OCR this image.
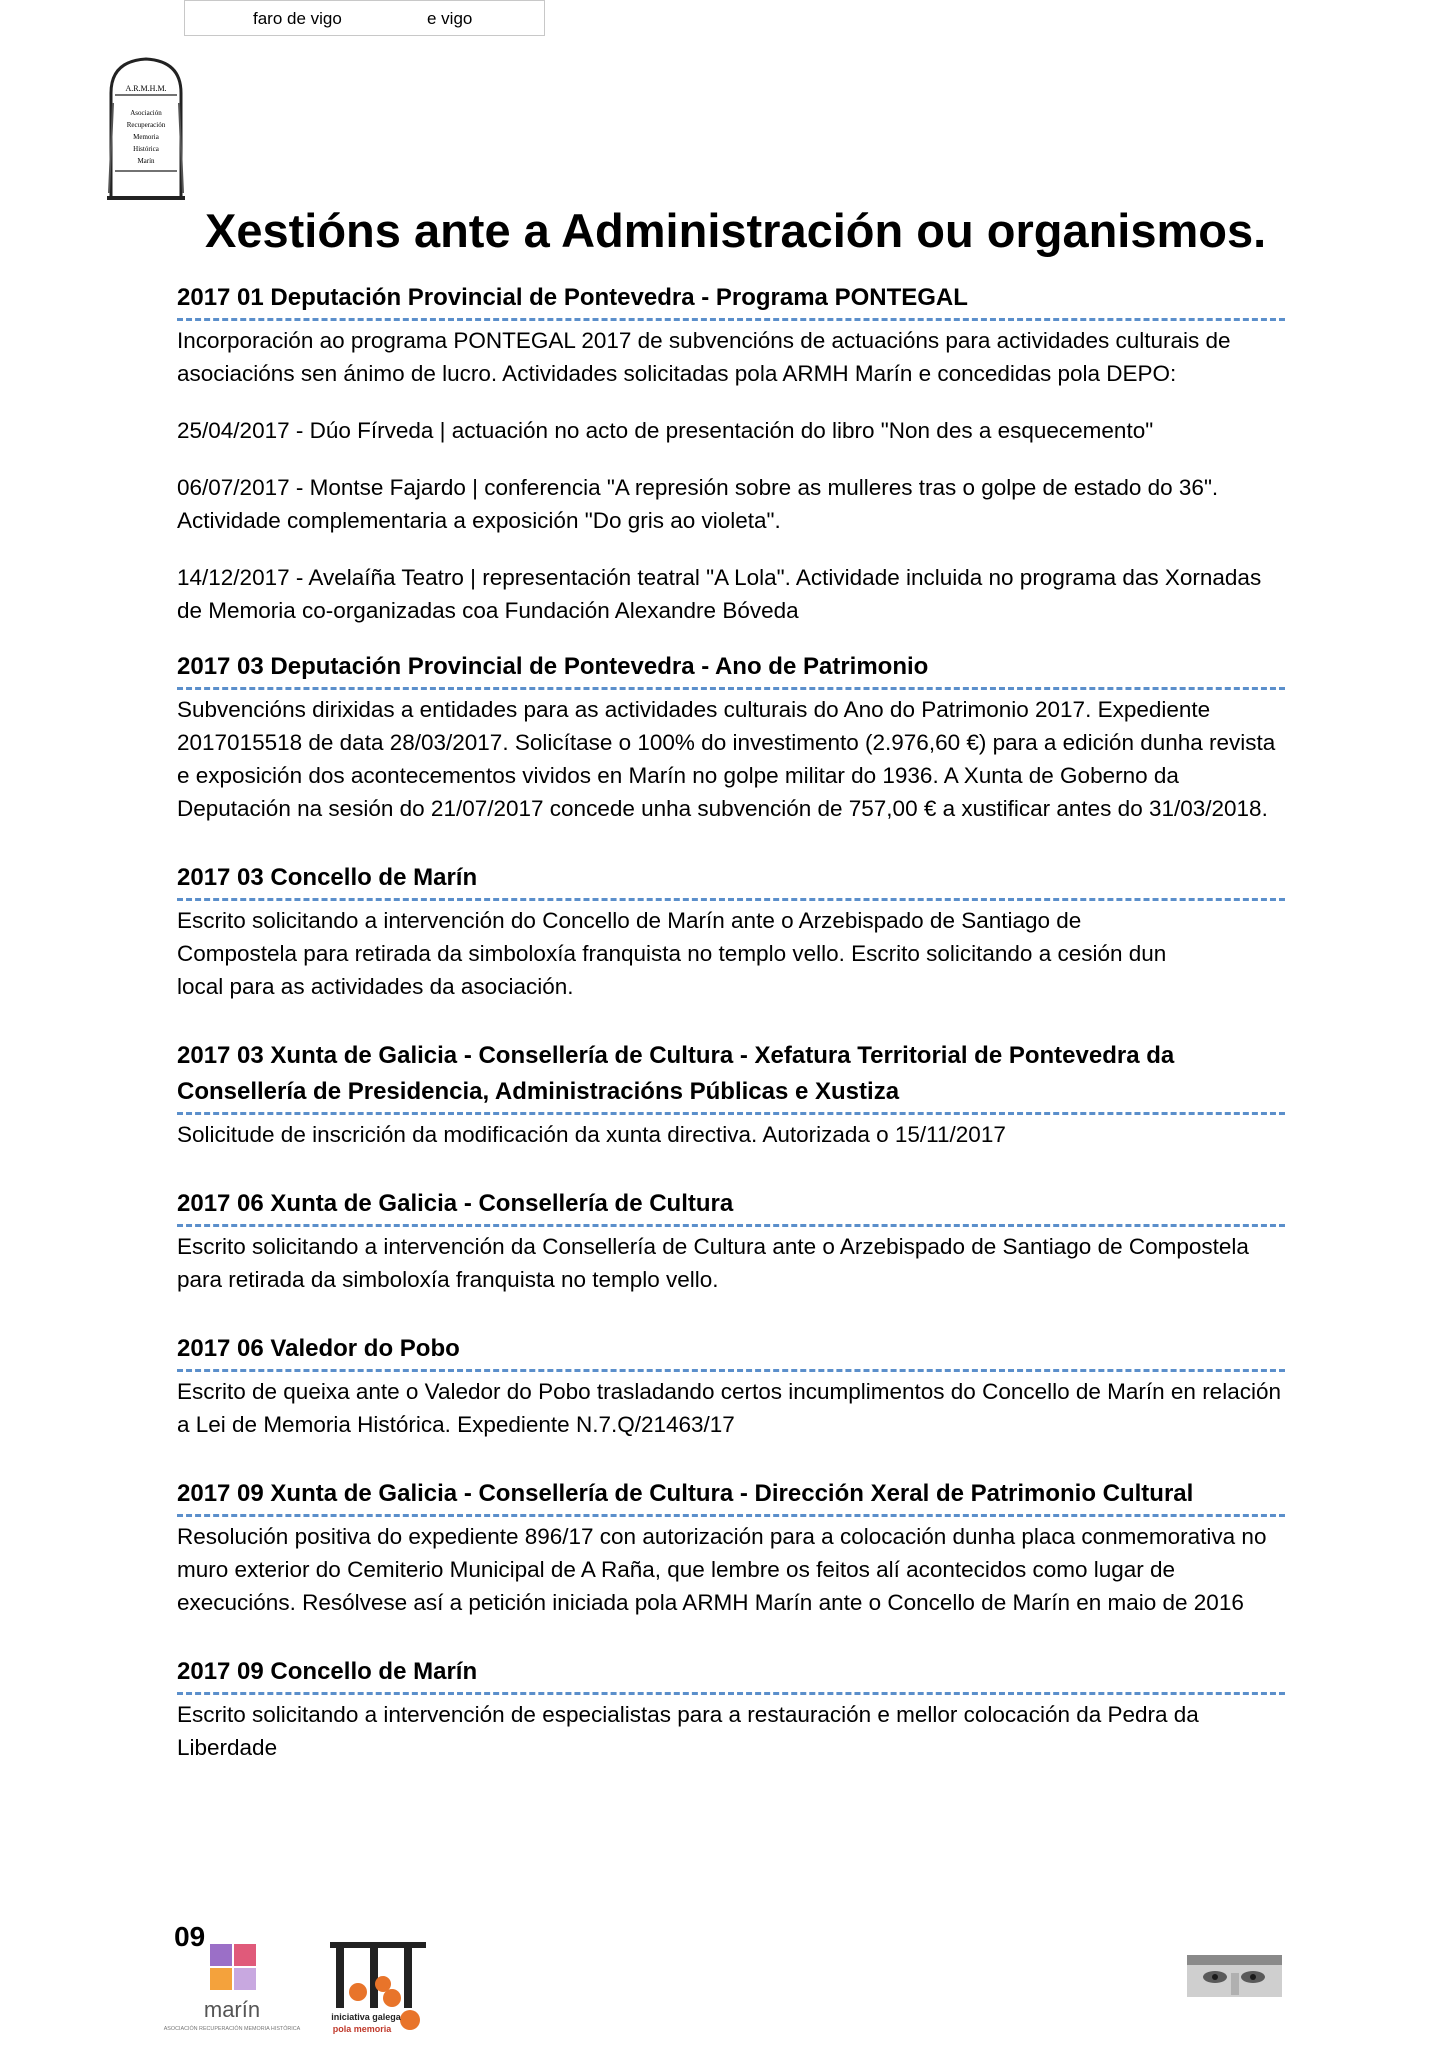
faro de vigo	e vigo
A.R.M.H.M.
Asociación
Recuperación
Memoria
Histórica
Marín
Xestións ante a Administración ou organismos.
2017 01 Deputación Provincial de Pontevedra - Programa PONTEGAL

Incorporación ao programa PONTEGAL 2017 de subvencións de actuacións para actividades culturais de asociacións sen ánimo de lucro. Actividades solicitadas pola ARMH Marín e concedidas pola DEPO:

25/04/2017 - Dúo Fírveda | actuación no acto de presentación do libro "Non des a esquecemento"

06/07/2017 - Montse Fajardo | conferencia "A represión sobre as mulleres tras o golpe de estado do 36". Actividade complementaria a exposición "Do gris ao violeta".

14/12/2017 - Avelaíña Teatro | representación teatral "A Lola". Actividade incluida no programa das Xornadas de Memoria co-organizadas coa Fundación Alexandre Bóveda

2017 03 Deputación Provincial de Pontevedra - Ano de Patrimonio

Subvencións dirixidas a entidades para as actividades culturais do Ano do Patrimonio 2017. Expediente 2017015518 de data 28/03/2017. Solicítase o 100% do investimento (2.976,60 €) para a edición dunha revista e exposición dos acontecementos vividos en Marín no golpe militar do 1936. A Xunta de Goberno da Deputación na sesión do 21/07/2017 concede unha subvención de 757,00 € a xustificar antes do 31/03/2018.

2017 03 Concello de Marín

Escrito solicitando a intervención do Concello de Marín ante o Arzebispado de Santiago de Compostela para retirada da simboloxía franquista no templo vello. Escrito solicitando a cesión dun local para as actividades da asociación.

2017 03 Xunta de Galicia - Consellería de Cultura - Xefatura Territorial de Pontevedra da Consellería de Presidencia, Administracións Públicas e Xustiza

Solicitude de inscrición da modificación da xunta directiva. Autorizada o 15/11/2017

2017 06 Xunta de Galicia - Consellería de Cultura

Escrito solicitando a intervención da Consellería de Cultura ante o Arzebispado de Santiago de Compostela para retirada da simboloxía franquista no templo vello.

2017 06 Valedor do Pobo

Escrito de queixa ante o Valedor do Pobo trasladando certos incumplimentos do Concello de Marín en relación a Lei de Memoria Histórica. Expediente N.7.Q/21463/17

2017 09 Xunta de Galicia - Consellería de Cultura - Dirección Xeral de Patrimonio Cultural

Resolución positiva do expediente 896/17 con autorización para a colocación dunha placa conmemorativa no muro exterior do Cemiterio Municipal de A Raña, que lembre os feitos alí acontecidos como lugar de execucións. Resólvese así a petición iniciada pola ARMH Marín ante o Concello de Marín en maio de 2016

2017 09 Concello de Marín

Escrito solicitando a intervención de especialistas para a restauración e mellor colocación da Pedra da Liberdade

60
marín
ASOCIACIÓN RECUPERACIÓN MEMORIA HISTÓRICA
iniciativa galega
pola memoria
